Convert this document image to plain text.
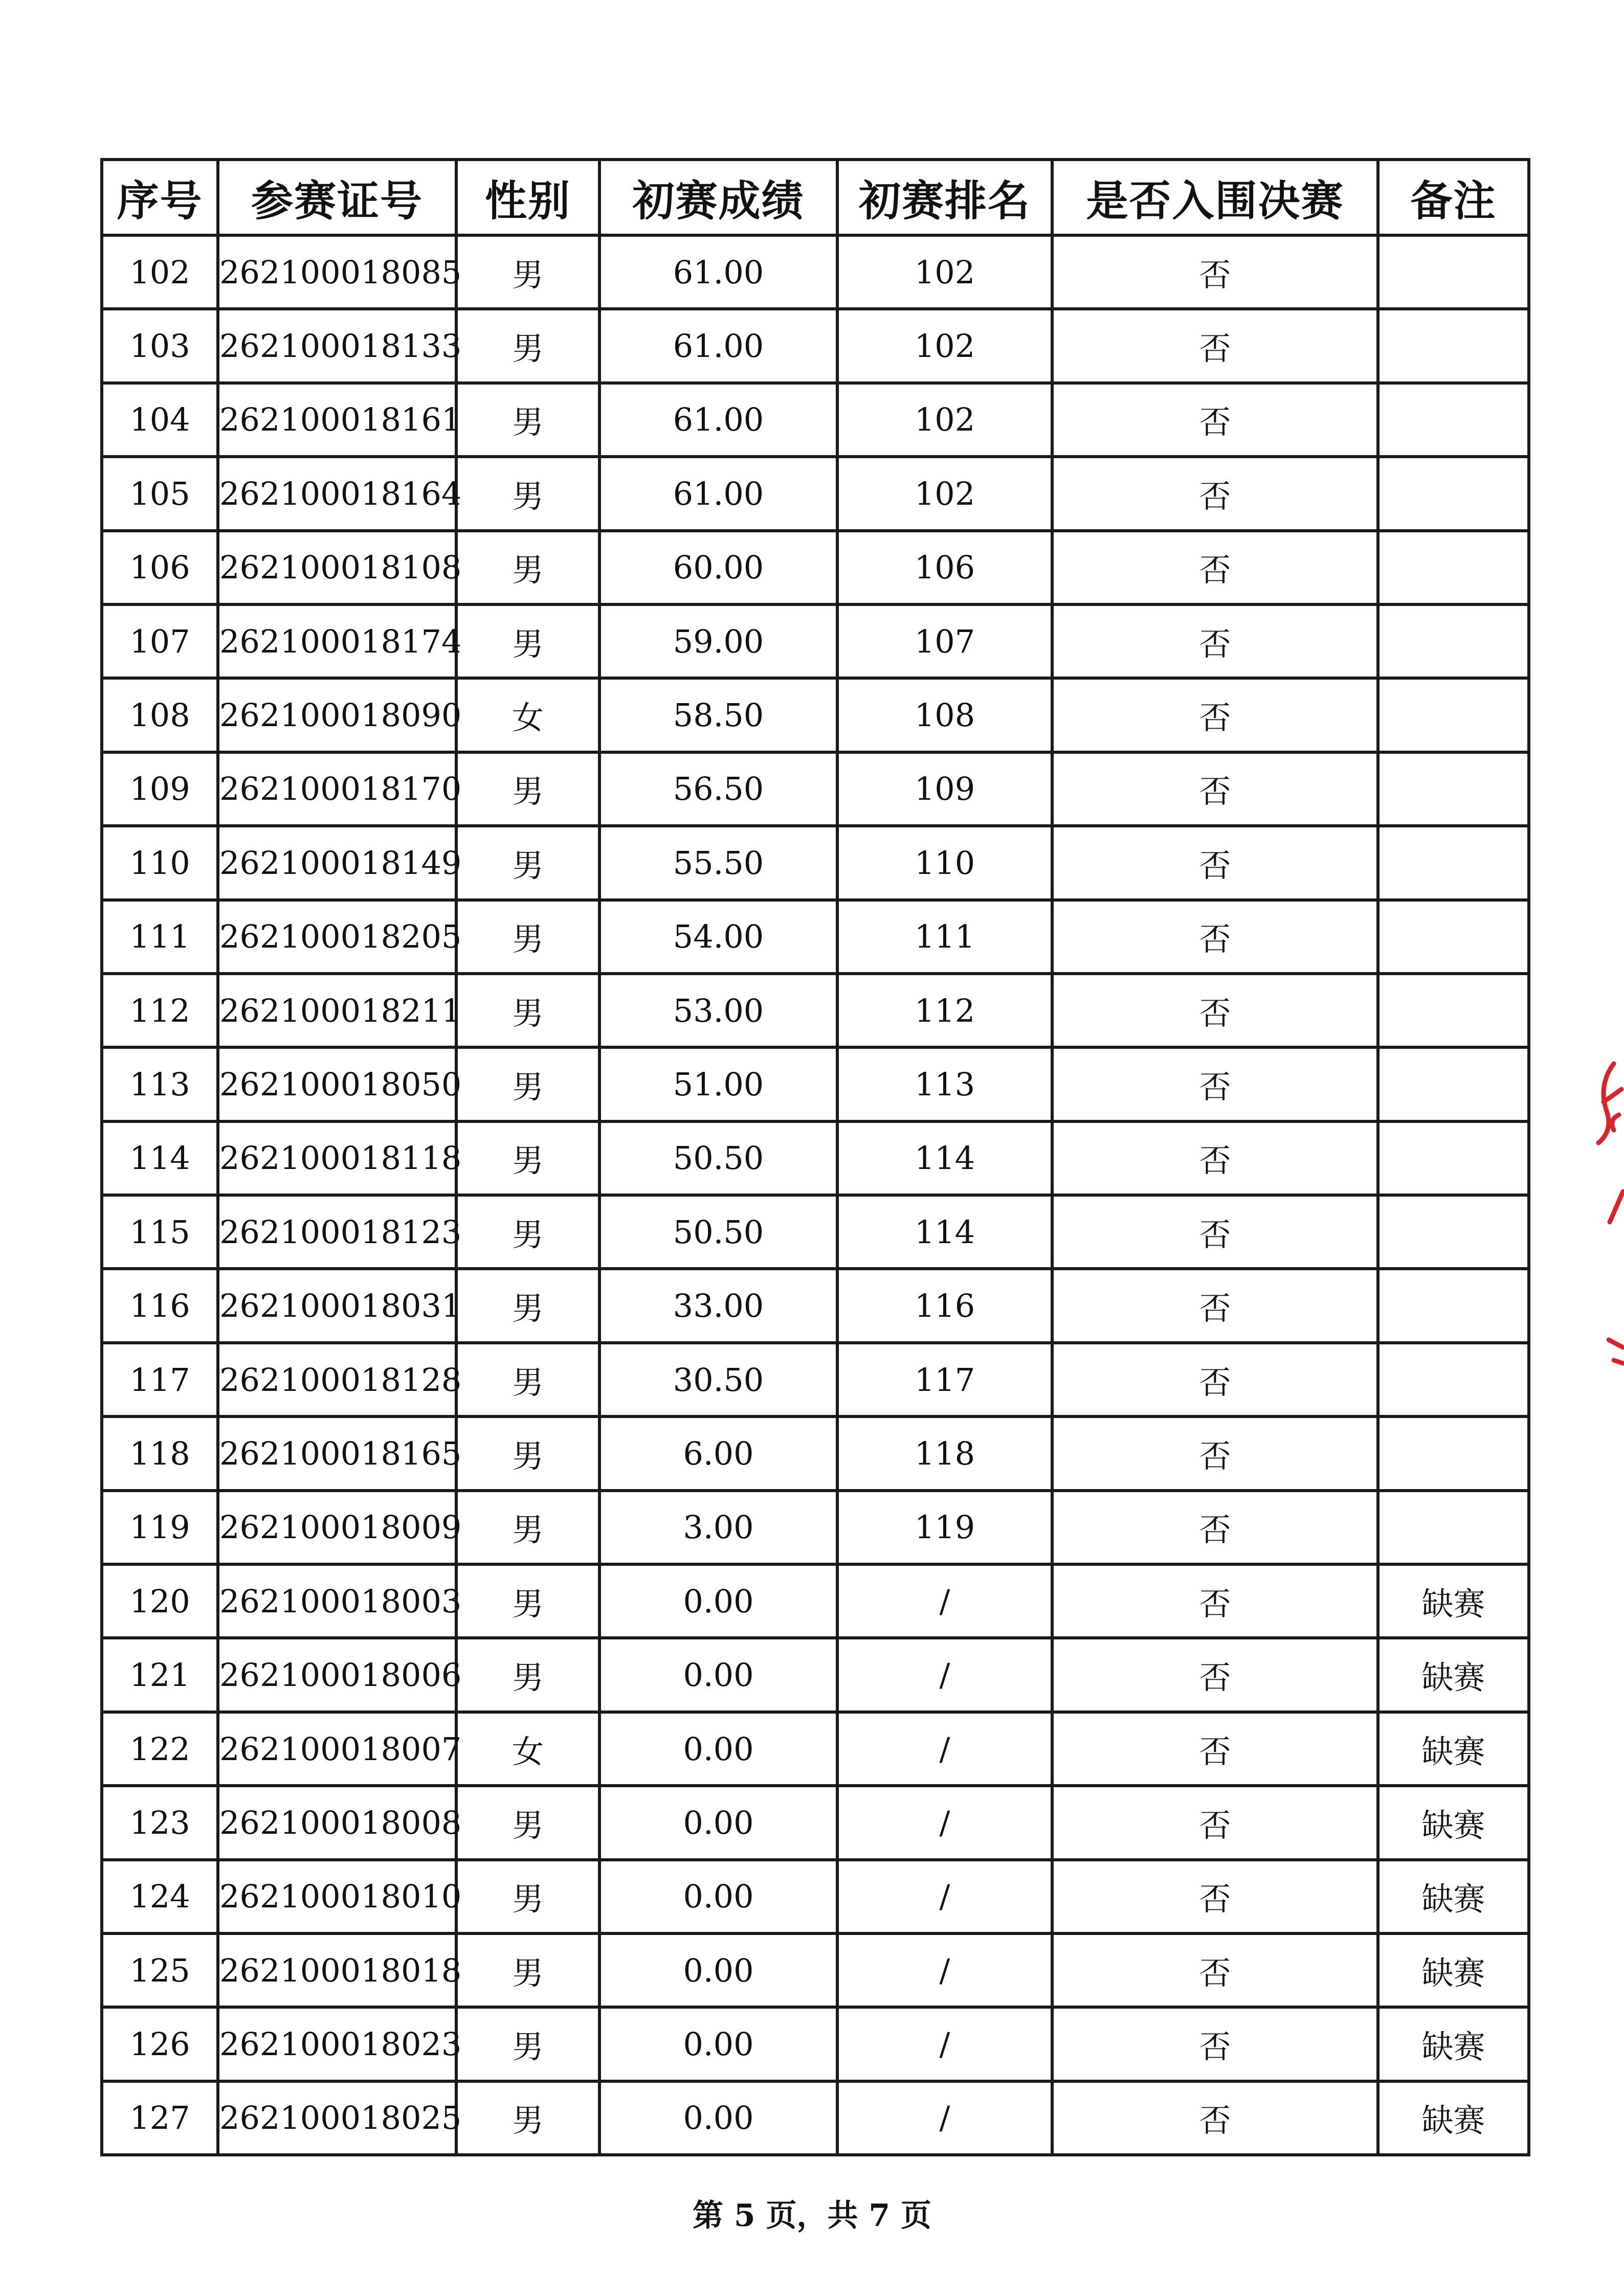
序号	参赛证号	性别	初赛成绩	初赛排名	是否入围决赛	备注
102	262100018085	男	61.00	102	否	
103	262100018133	男	61.00	102	否	
104	262100018161	男	61.00	102	否	
105	262100018164	男	61.00	102	否	
106	262100018108	男	60.00	106	否	
107	262100018174	男	59.00	107	否	
108	262100018090	女	58.50	108	否	
109	262100018170	男	56.50	109	否	
110	262100018149	男	55.50	110	否	
111	262100018205	男	54.00	111	否	
112	262100018211	男	53.00	112	否	
113	262100018050	男	51.00	113	否	
114	262100018118	男	50.50	114	否	
115	262100018123	男	50.50	114	否	
116	262100018031	男	33.00	116	否	
117	262100018128	男	30.50	117	否	
118	262100018165	男	6.00	118	否	
119	262100018009	男	3.00	119	否	
120	262100018003	男	0.00	/	否	缺赛
121	262100018006	男	0.00	/	否	缺赛
122	262100018007	女	0.00	/	否	缺赛
123	262100018008	男	0.00	/	否	缺赛
124	262100018010	男	0.00	/	否	缺赛
125	262100018018	男	0.00	/	否	缺赛
126	262100018023	男	0.00	/	否	缺赛
127	262100018025	男	0.00	/	否	缺赛
第 5 页，共 7 页
